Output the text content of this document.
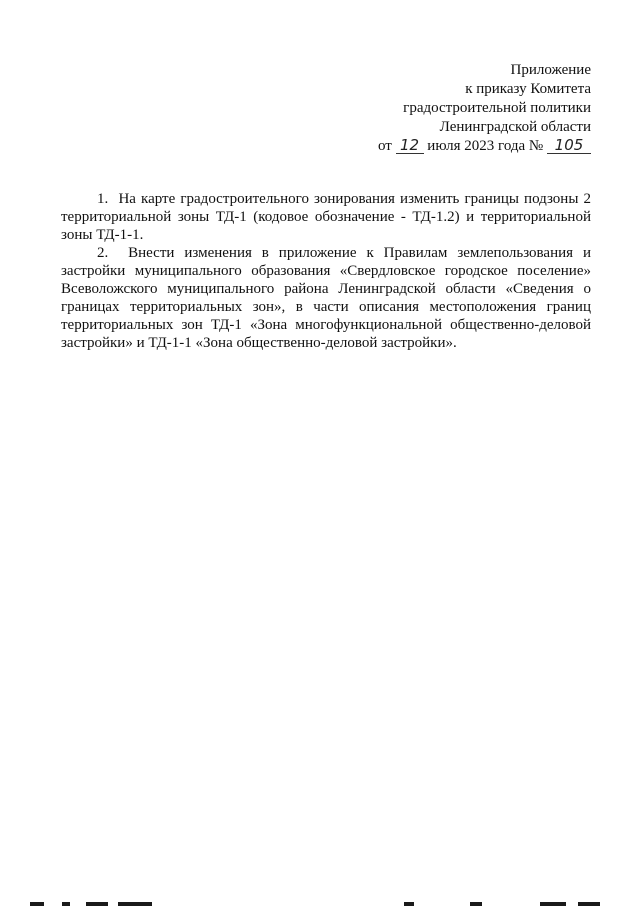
Приложение
к приказу Комитета
градостроительной политики
Ленинградской области
от 12 июля 2023 года № 105

1. На карте градостроительного зонирования изменить границы подзоны 2 территориальной зоны ТД-1 (кодовое обозначение - ТД-1.2) и территориальной зоны ТД-1-1.

2. Внести изменения в приложение к Правилам землепользования и застройки муниципального образования «Свердловское городское поселение» Всеволожского муниципального района Ленинградской области «Сведения о границах территориальных зон», в части описания местоположения границ территориальных зон ТД-1 «Зона многофункциональной общественно-деловой застройки» и ТД-1-1 «Зона общественно-деловой застройки».
